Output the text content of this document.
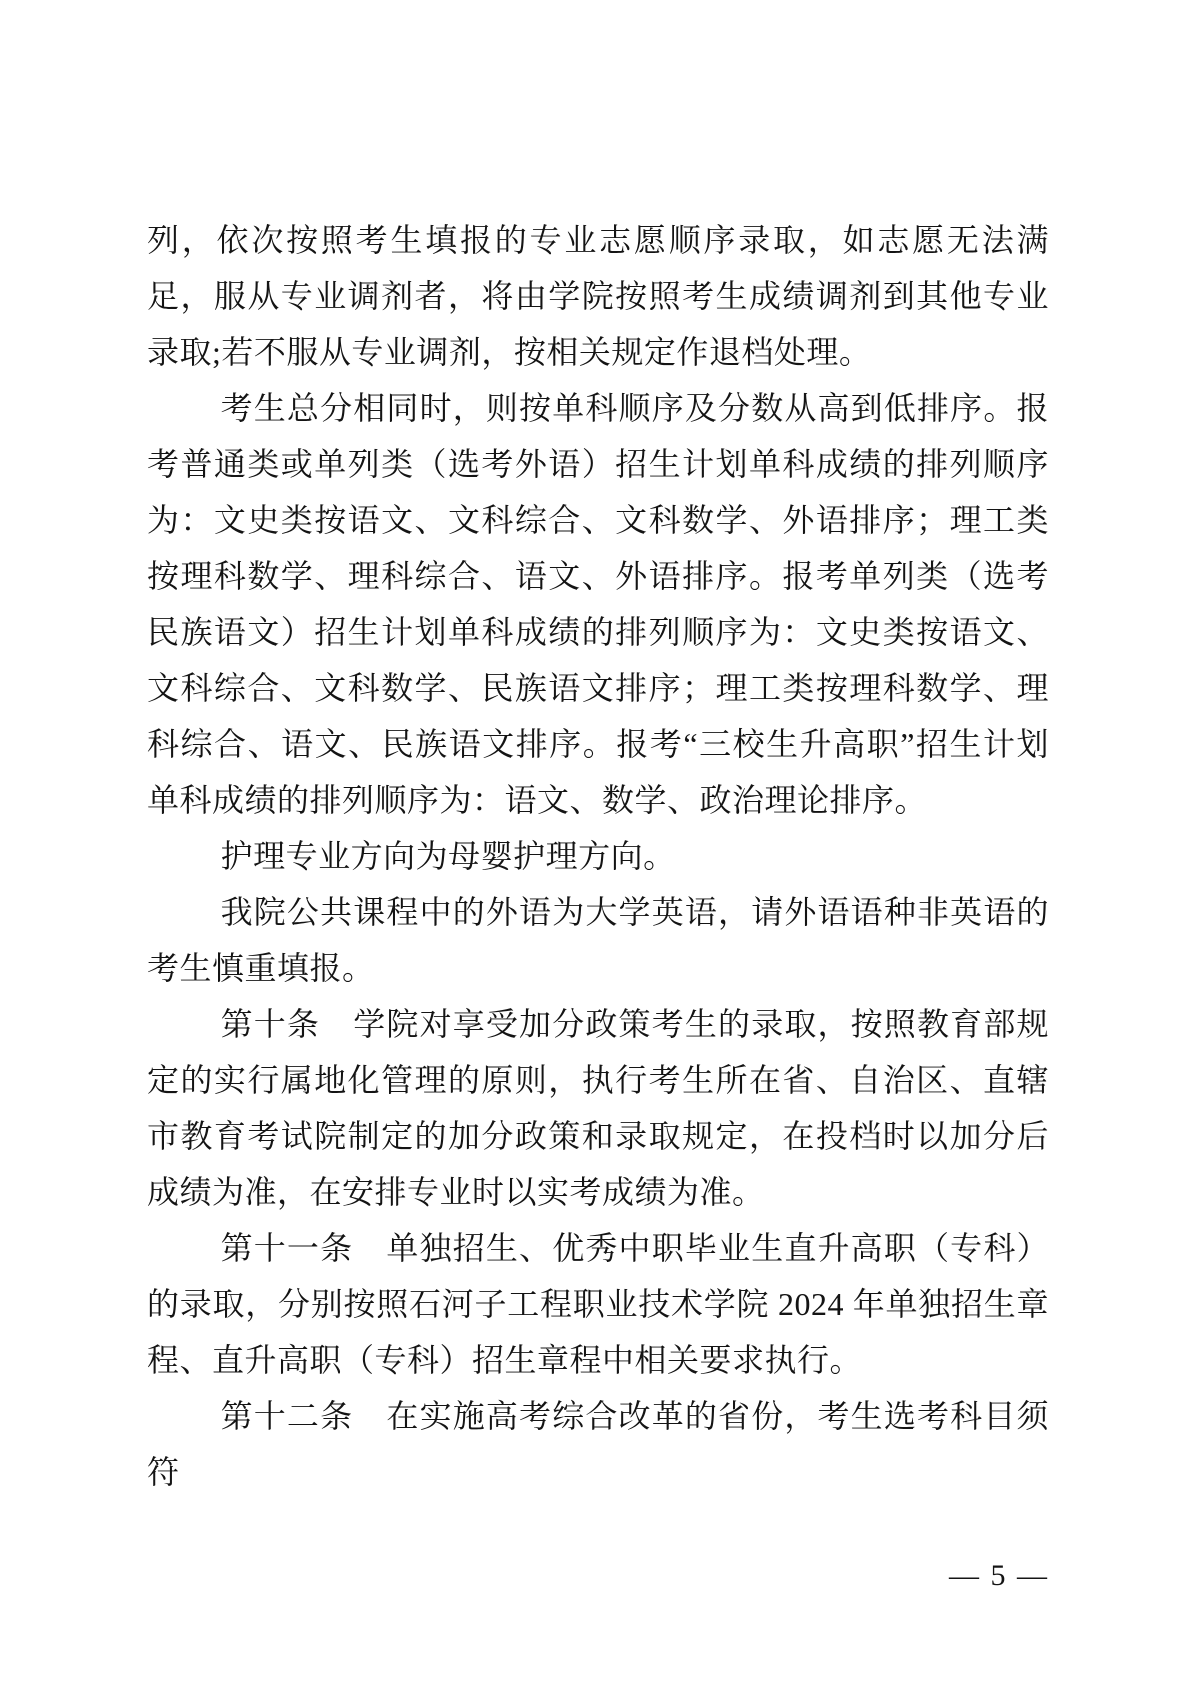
列，依次按照考生填报的专业志愿顺序录取，如志愿无法满足，服从专业调剂者，将由学院按照考生成绩调剂到其他专业录取;若不服从专业调剂，按相关规定作退档处理。

考生总分相同时，则按单科顺序及分数从高到低排序。报考普通类或单列类（选考外语）招生计划单科成绩的排列顺序为：文史类按语文、文科综合、文科数学、外语排序；理工类按理科数学、理科综合、语文、外语排序。报考单列类（选考民族语文）招生计划单科成绩的排列顺序为：文史类按语文、文科综合、文科数学、民族语文排序；理工类按理科数学、理科综合、语文、民族语文排序。报考“三校生升高职”招生计划单科成绩的排列顺序为：语文、数学、政治理论排序。

护理专业方向为母婴护理方向。

我院公共课程中的外语为大学英语，请外语语种非英语的考生慎重填报。

第十条　学院对享受加分政策考生的录取，按照教育部规定的实行属地化管理的原则，执行考生所在省、自治区、直辖市教育考试院制定的加分政策和录取规定，在投档时以加分后成绩为准，在安排专业时以实考成绩为准。

第十一条　单独招生、优秀中职毕业生直升高职（专科）的录取，分别按照石河子工程职业技术学院 2024 年单独招生章程、直升高职（专科）招生章程中相关要求执行。

第十二条　在实施高考综合改革的省份，考生选考科目须符

— 5 —
